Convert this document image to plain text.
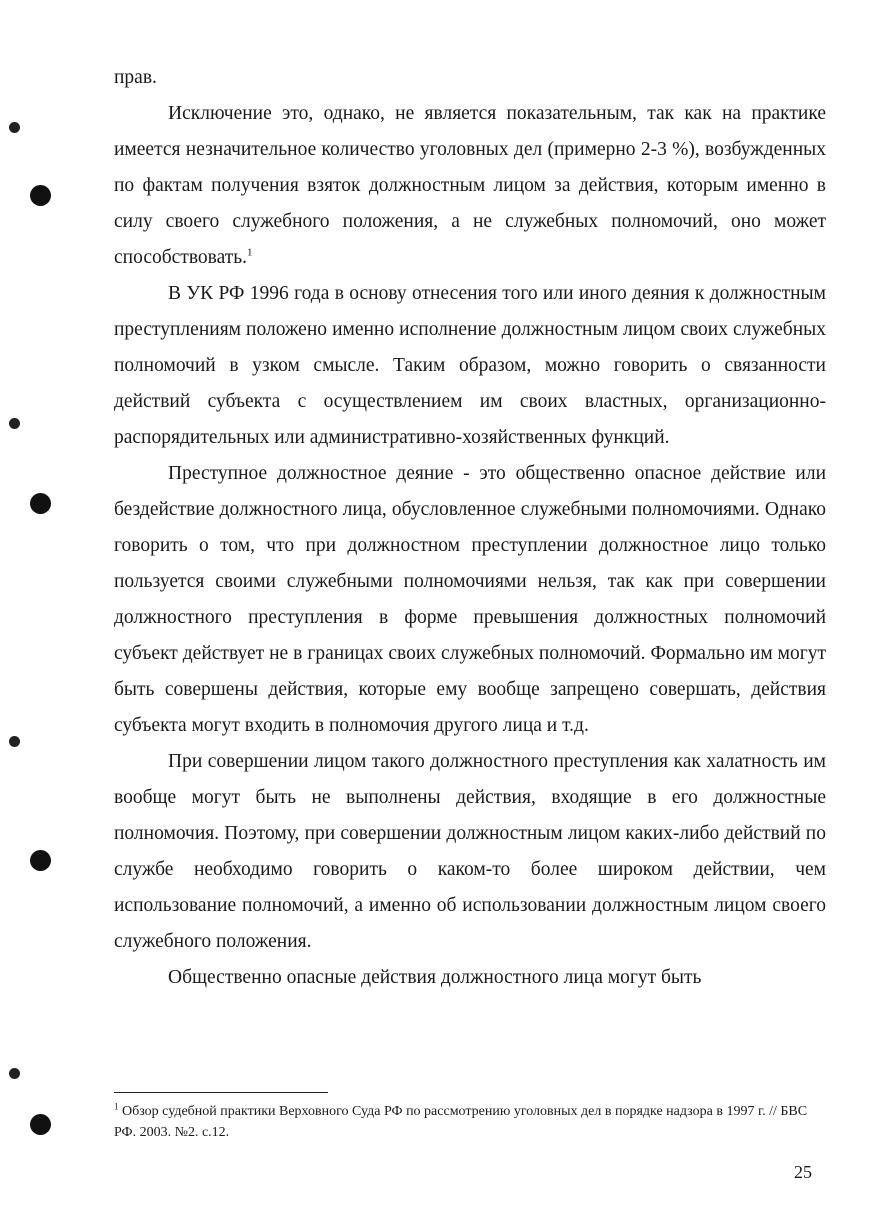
прав.

Исключение это, однако, не является показательным, так как на практике имеется незначительное количество уголовных дел (примерно 2-3 %), возбужденных по фактам получения взяток должностным лицом за действия, которым именно в силу своего служебного положения, а не служебных полномочий, оно может способствовать.$^1$

В УК РФ 1996 года в основу отнесения того или иного деяния к должностным преступлениям положено именно исполнение должностным лицом своих служебных полномочий в узком смысле. Таким образом, можно говорить о связанности действий субъекта с осуществлением им своих властных, организационно-распорядительных или административно-хозяйственных функций.

Преступное должностное деяние - это общественно опасное действие или бездействие должностного лица, обусловленное служебными полномочиями. Однако говорить о том, что при должностном преступлении должностное лицо только пользуется своими служебными полномочиями нельзя, так как при совершении должностного преступления в форме превышения должностных полномочий субъект действует не в границах своих служебных полномочий. Формально им могут быть совершены действия, которые ему вообще запрещено совершать, действия субъекта могут входить в полномочия другого лица и т.д.

При совершении лицом такого должностного преступления как халатность им вообще могут быть не выполнены действия, входящие в его должностные полномочия. Поэтому, при совершении должностным лицом каких-либо действий по службе необходимо говорить о каком-то более широком действии, чем использование полномочий, а именно об использовании должностным лицом своего служебного положения.

Общественно опасные действия должностного лица могут быть

$^1$ Обзор судебной практики Верховного Суда РФ по рассмотрению уголовных дел в порядке надзора в 1997 г. // БВС РФ. 2003. №2. с.12.

25
